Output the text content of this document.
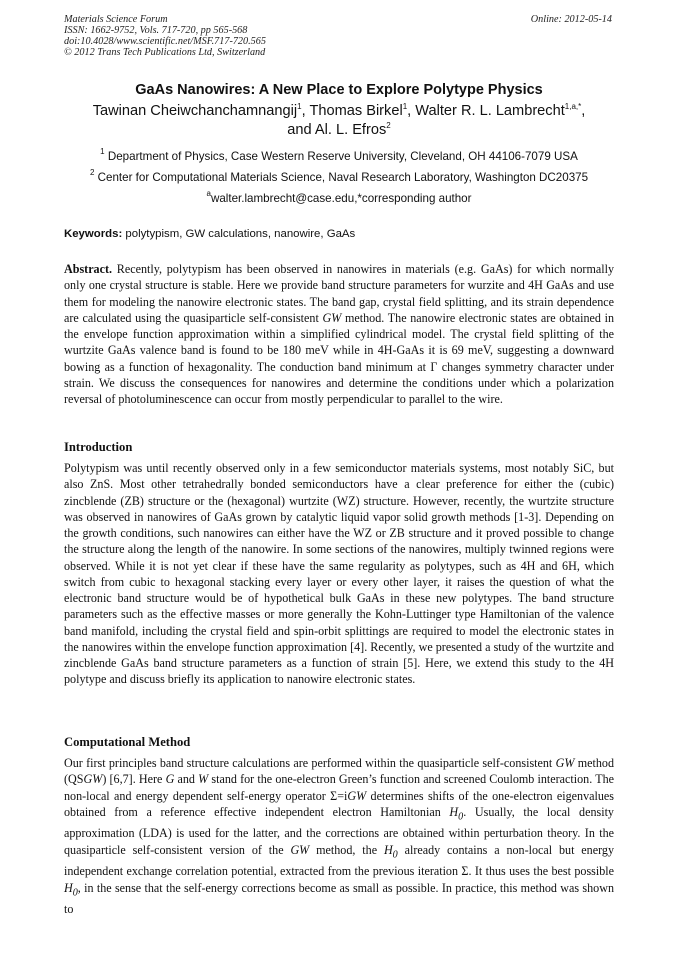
Materials Science Forum
ISSN: 1662-9752, Vols. 717-720, pp 565-568
doi:10.4028/www.scientific.net/MSF.717-720.565
© 2012 Trans Tech Publications Ltd, Switzerland
Online: 2012-05-14
GaAs Nanowires: A New Place to Explore Polytype Physics
Tawinan Cheiwchanchamnangij$^1$, Thomas Birkel$^1$, Walter R. L. Lambrecht$^{1,a,*}$,
and Al. L. Efros$^2$
$^1$ Department of Physics, Case Western Reserve University, Cleveland, OH 44106-7079 USA
$^2$ Center for Computational Materials Science, Naval Research Laboratory, Washington DC20375
$^a$walter.lambrecht@case.edu,*corresponding author
Keywords: polytypism, GW calculations, nanowire, GaAs
Abstract. Recently, polytypism has been observed in nanowires in materials (e.g. GaAs) for which normally only one crystal structure is stable. Here we provide band structure parameters for wurzite and 4H GaAs and use them for modeling the nanowire electronic states. The band gap, crystal field splitting, and its strain dependence are calculated using the quasiparticle self-consistent GW method. The nanowire electronic states are obtained in the envelope function approximation within a simplified cylindrical model. The crystal field splitting of the wurtzite GaAs valence band is found to be 180 meV while in 4H-GaAs it is 69 meV, suggesting a downward bowing as a function of hexagonality. The conduction band minimum at Γ changes symmetry character under strain. We discuss the consequences for nanowires and determine the conditions under which a polarization reversal of photoluminescence can occur from mostly perpendicular to parallel to the wire.
Introduction
Polytypism was until recently observed only in a few semiconductor materials systems, most notably SiC, but also ZnS. Most other tetrahedrally bonded semiconductors have a clear preference for either the (cubic) zincblende (ZB) structure or the (hexagonal) wurtzite (WZ) structure. However, recently, the wurtzite structure was observed in nanowires of GaAs grown by catalytic liquid vapor solid growth methods [1-3]. Depending on the growth conditions, such nanowires can either have the WZ or ZB structure and it proved possible to change the structure along the length of the nanowire. In some sections of the nanowires, multiply twinned regions were observed. While it is not yet clear if these have the same regularity as polytypes, such as 4H and 6H, which switch from cubic to hexagonal stacking every layer or every other layer, it raises the question of what the electronic band structure would be of hypothetical bulk GaAs in these new polytypes. The band structure parameters such as the effective masses or more generally the Kohn-Luttinger type Hamiltonian of the valence band manifold, including the crystal field and spin-orbit splittings are required to model the electronic states in the nanowires within the envelope function approximation [4]. Recently, we presented a study of the wurtzite and zincblende GaAs band structure parameters as a function of strain [5]. Here, we extend this study to the 4H polytype and discuss briefly its application to nanowire electronic states.
Computational Method
Our first principles band structure calculations are performed within the quasiparticle self-consistent GW method (QSGW) [6,7]. Here G and W stand for the one-electron Green’s function and screened Coulomb interaction. The non-local and energy dependent self-energy operator Σ=iGW determines shifts of the one-electron eigenvalues obtained from a reference effective independent electron Hamiltonian $H_0$. Usually, the local density approximation (LDA) is used for the latter, and the corrections are obtained within perturbation theory. In the quasiparticle self-consistent version of the GW method, the $H_0$ already contains a non-local but energy independent exchange correlation potential, extracted from the previous iteration Σ. It thus uses the best possible $H_0$, in the sense that the self-energy corrections become as small as possible. In practice, this method was shown to
